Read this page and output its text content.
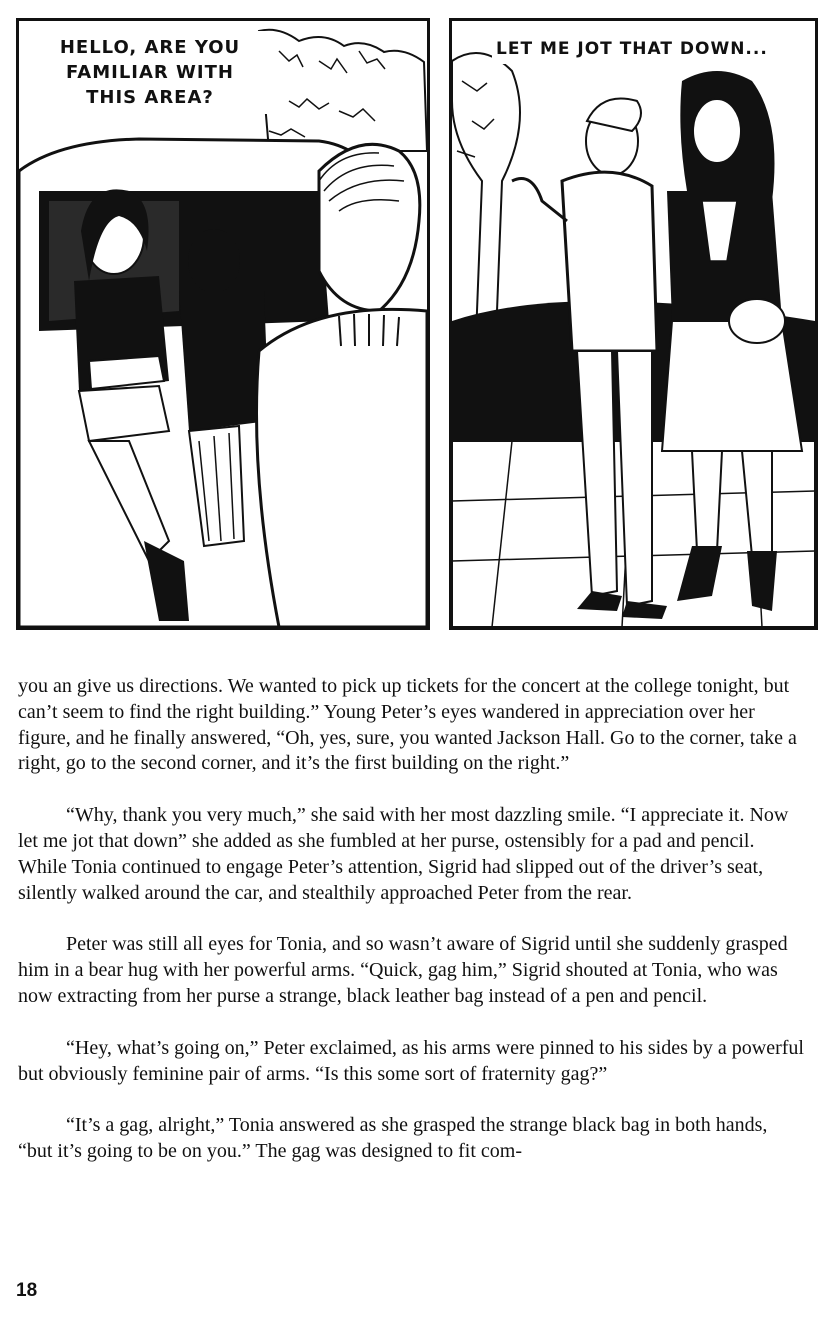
HELLO, ARE YOU
FAMILIAR WITH
THIS AREA?
LET ME JOT THAT DOWN...

you an give us directions. We wanted to pick up tickets for the concert at the college tonight, but can’t seem to find the right building.” Young Peter’s eyes wandered in appreciation over her figure, and he finally answered, “Oh, yes, sure, you wanted Jackson Hall. Go to the corner, take a right, go to the second corner, and it’s the first building on the right.”

“Why, thank you very much,” she said with her most dazzling smile. “I appreciate it. Now let me jot that down” she added as she fumbled at her purse, ostensibly for a pad and pencil. While Tonia continued to engage Peter’s attention, Sigrid had slipped out of the driver’s seat, silently walked around the car, and stealthily approached Peter from the rear.

Peter was still all eyes for Tonia, and so wasn’t aware of Sigrid until she suddenly grasped him in a bear hug with her powerful arms. “Quick, gag him,” Sigrid shouted at Tonia, who was now extracting from her purse a strange, black leather bag instead of a pen and pencil.

“Hey, what’s going on,” Peter exclaimed, as his arms were pinned to his sides by a powerful but obviously feminine pair of arms. “Is this some sort of fraternity gag?”

“It’s a gag, alright,” Tonia answered as she grasped the strange black bag in both hands, “but it’s going to be on you.” The gag was designed to fit com-

18
